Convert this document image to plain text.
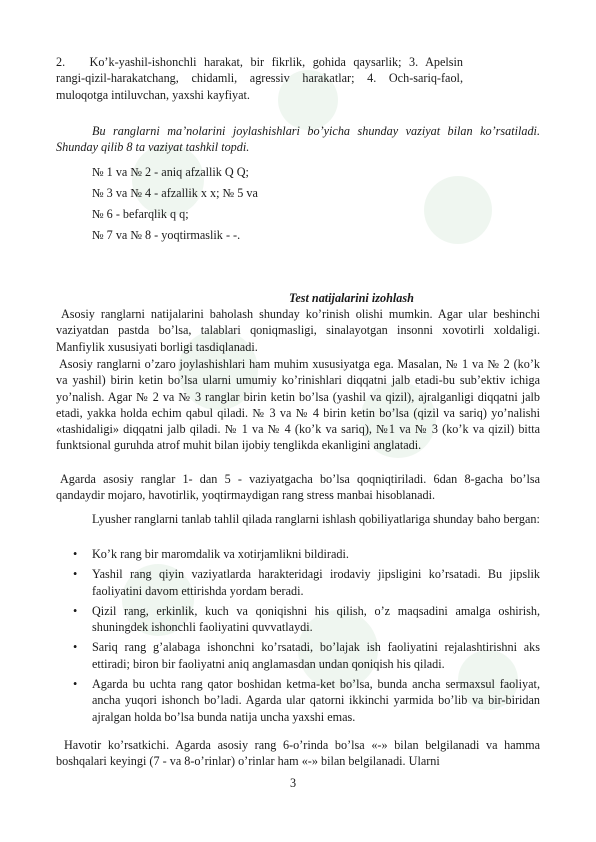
2.  Ko’k-yashil-ishonchli harakat, bir fikrlik, gohida qaysarlik; 3. Apelsin rangi-qizil-harakatchang, chidamli, agressiv harakatlar; 4. Och-sariq-faol, muloqotga intiluvchan, yaxshi kayfiyat.

Bu ranglarni ma’nolarini joylashishlari bo’yicha shunday vaziyat bilan ko’rsatiladi. Shunday qilib 8 ta vaziyat tashkil topdi.

№ 1 va № 2 - aniq afzallik Q Q;
№ 3 va № 4 - afzallik x x; № 5 va
№ 6 - befarqlik q q;
№ 7 va № 8 - yoqtirmaslik - -.
Test natijalarini izohlash

Asosiy ranglarni natijalarini baholash shunday ko’rinish olishi mumkin. Agar ular beshinchi vaziyatdan pastda bo’lsa, talablari qoniqmasligi, sinalayotgan insonni xovotirli xoldaligi. Manfiylik xususiyati borligi tasdiqlanadi.

Asosiy ranglarni o’zaro joylashishlari ham muhim xususiyatga ega. Masalan, № 1 va № 2 (ko’k va yashil) birin ketin bo’lsa ularni umumiy ko’rinishlari diqqatni jalb etadi-bu sub’ektiv ichiga yo’nalish. Agar № 2 va № 3 ranglar birin ketin bo’lsa (yashil va qizil), ajralganligi diqqatni jalb etadi, yakka holda echim qabul qiladi. № 3 va № 4 birin ketin bo’lsa (qizil va sariq) yo’nalishi «tashidaligi» diqqatni jalb qiladi. № 1 va № 4 (ko’k va sariq), №1 va № 3 (ko’k va qizil) bitta funktsional guruhda atrof muhit bilan ijobiy tenglikda ekanligini anglatadi.

Agarda asosiy ranglar 1- dan 5 - vaziyatgacha bo’lsa qoqniqtiriladi. 6dan 8-gacha bo’lsa qandaydir mojaro, havotirlik, yoqtirmaydigan rang stress manbai hisoblanadi.

Lyusher ranglarni tanlab tahlil qilada ranglarni ishlash qobiliyatlariga shunday baho bergan:

• Ko’k rang bir maromdalik va xotirjamlikni bildiradi.
• Yashil rang qiyin vaziyatlarda harakteridagi irodaviy jipsligini ko’rsatadi. Bu jipslik faoliyatini davom ettirishda yordam beradi.
• Qizil rang, erkinlik, kuch va qoniqishni his qilish, o’z maqsadini amalga oshirish, shuningdek ishonchli faoliyatini quvvatlaydi.
• Sariq rang g’alabaga ishonchni ko’rsatadi, bo’lajak ish faoliyatini rejalashtirishni aks ettiradi; biron bir faoliyatni aniq anglamasdan undan qoniqish his qiladi.
• Agarda bu uchta rang qator boshidan ketma-ket bo’lsa, bunda ancha sermaxsul faoliyat, ancha yuqori ishonch bo’ladi. Agarda ular qatorni ikkinchi yarmida bo’lib va bir-biridan ajralgan holda bo’lsa bunda natija uncha yaxshi emas.

Havotir ko’rsatkichi. Agarda asosiy rang 6-o’rinda bo’lsa «-» bilan belgilanadi va hamma boshqalari keyingi (7 - va 8-o’rinlar) o’rinlar ham «-» bilan belgilanadi. Ularni

3
